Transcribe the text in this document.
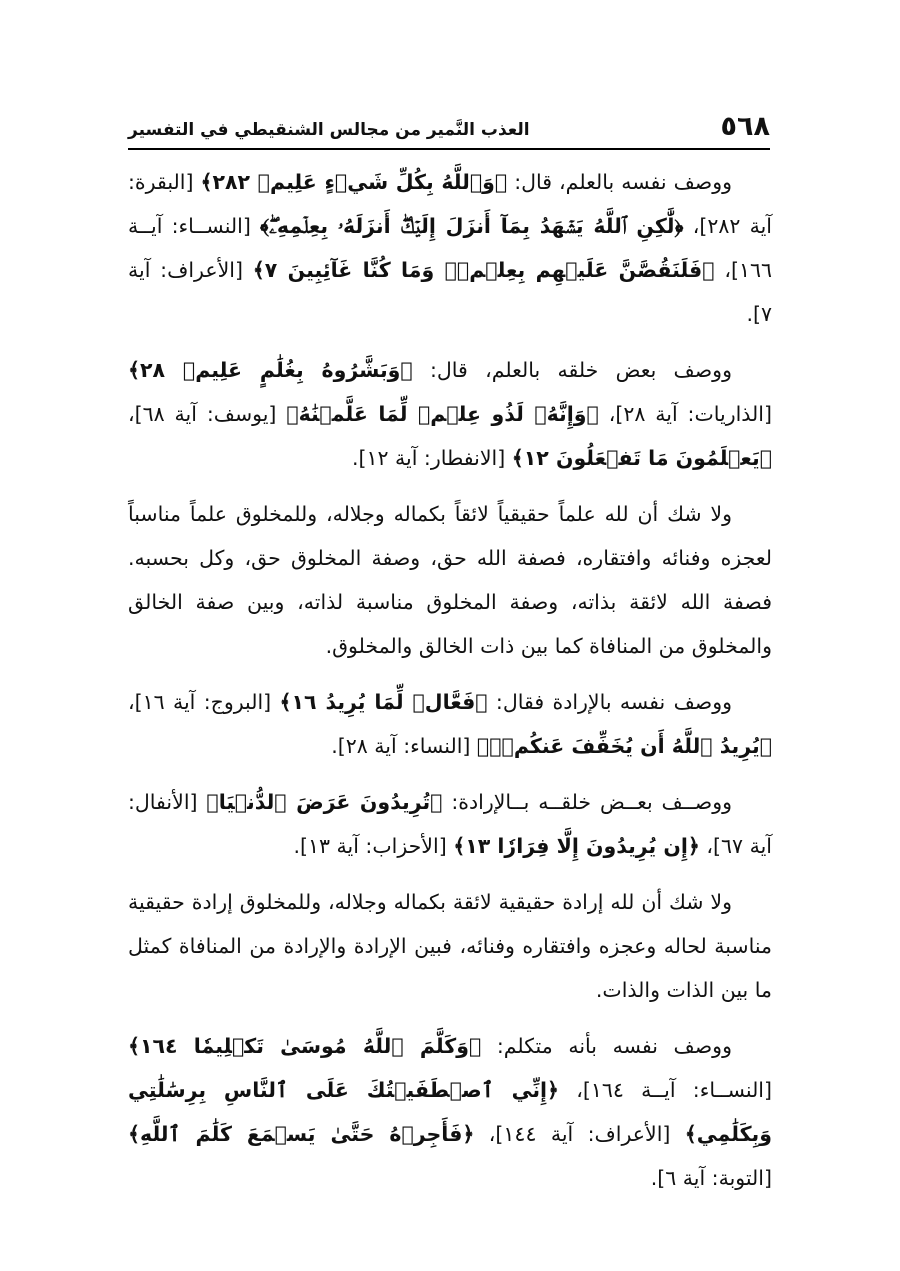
٥٦٨
العذب النَّمير من مجالس الشنقيطي في التفسير

ووصف نفسه بالعلم، قال: ﴿وَٱللَّهُ بِكُلِّ شَيۡءٍ عَلِيمٞ ٢٨٢﴾ [البقرة: آية ٢٨٢]، ﴿لَّٰكِنِ ٱللَّهُ يَشۡهَدُ بِمَآ أَنزَلَ إِلَيۡكَۖ أَنزَلَهُۥ بِعِلۡمِهِۦۖ﴾ [النســاء: آيــة ١٦٦]، ﴿فَلَنَقُصَّنَّ عَلَيۡهِم بِعِلۡمٖۖ وَمَا كُنَّا غَآئِبِينَ ٧﴾ [الأعراف: آية ٧].

ووصف بعض خلقه بالعلم، قال: ﴿وَبَشَّرُوهُ بِغُلَٰمٍ عَلِيمٖ ٢٨﴾ [الذاريات: آية ٢٨]، ﴿وَإِنَّهُۥ لَذُو عِلۡمٖ لِّمَا عَلَّمۡنَٰهُ﴾ [يوسف: آية ٦٨]، ﴿يَعۡلَمُونَ مَا تَفۡعَلُونَ ١٢﴾ [الانفطار: آية ١٢].

ولا شك أن لله علماً حقيقياً لائقاً بكماله وجلاله، وللمخلوق علماً مناسباً لعجزه وفنائه وافتقاره، فصفة الله حق، وصفة المخلوق حق، وكل بحسبه. فصفة الله لائقة بذاته، وصفة المخلوق مناسبة لذاته، وبين صفة الخالق والمخلوق من المنافاة كما بين ذات الخالق والمخلوق.

ووصف نفسه بالإرادة فقال: ﴿فَعَّالٞ لِّمَا يُرِيدُ ١٦﴾ [البروج: آية ١٦]، ﴿يُرِيدُ ٱللَّهُ أَن يُخَفِّفَ عَنكُمۡۚ﴾ [النساء: آية ٢٨].

ووصــف بعــض خلقــه بــالإرادة: ﴿تُرِيدُونَ عَرَضَ ٱلدُّنۡيَا﴾ [الأنفال: آية ٦٧]، ﴿إِن يُرِيدُونَ إِلَّا فِرَارٗا ١٣﴾ [الأحزاب: آية ١٣].

ولا شك أن لله إرادة حقيقية لائقة بكماله وجلاله، وللمخلوق إرادة حقيقية مناسبة لحاله وعجزه وافتقاره وفنائه، فبين الإرادة والإرادة من المنافاة كمثل ما بين الذات والذات.

ووصف نفسه بأنه متكلم: ﴿وَكَلَّمَ ٱللَّهُ مُوسَىٰ تَكۡلِيمٗا ١٦٤﴾ [النســاء: آيــة ١٦٤]، ﴿إِنِّي ٱصۡطَفَيۡتُكَ عَلَى ٱلنَّاسِ بِرِسَٰلَٰتِي وَبِكَلَٰمِي﴾ [الأعراف: آية ١٤٤]، ﴿فَأَجِرۡهُ حَتَّىٰ يَسۡمَعَ كَلَٰمَ ٱللَّهِ﴾ [التوبة: آية ٦].
